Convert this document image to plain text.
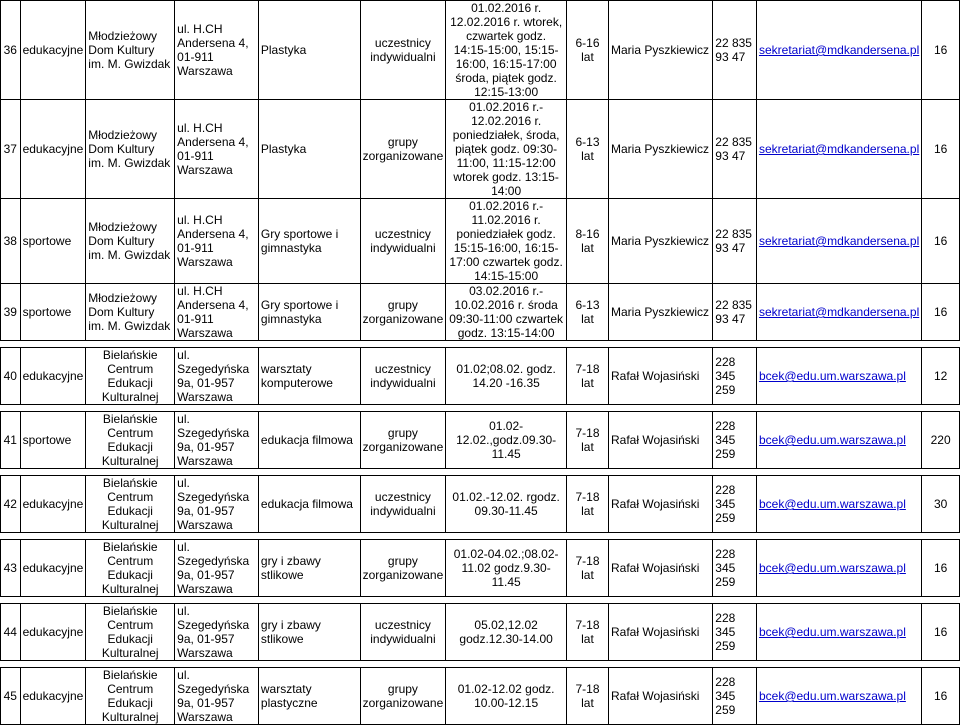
36	edukacyjne	Młodzieżowy Dom Kultury im. M. Gwizdak	ul. H.CH Andersena 4, 01-911 Warszawa	Plastyka	uczestnicy indywidualni	01.02.2016 r. 12.02.2016 r. wtorek, czwartek godz. 14:15-15:00, 15:15-16:00, 16:15-17:00 środa, piątek godz. 12:15-13:00	6-16 lat	Maria Pyszkiewicz	22 835 93 47	sekretariat@mdkandersena.pl	16
37	edukacyjne	Młodzieżowy Dom Kultury im. M. Gwizdak	ul. H.CH Andersena 4, 01-911 Warszawa	Plastyka	grupy zorganizowane	01.02.2016 r.- 12.02.2016 r. poniedziałek, środa, piątek godz. 09:30-11:00, 11:15-12:00 wtorek godz. 13:15-14:00	6-13 lat	Maria Pyszkiewicz	22 835 93 47	sekretariat@mdkandersena.pl	16
38	sportowe	Młodzieżowy Dom Kultury im. M. Gwizdak	ul. H.CH Andersena 4, 01-911 Warszawa	Gry sportowe i gimnastyka	uczestnicy indywidualni	01.02.2016 r.- 11.02.2016 r. poniedziałek godz. 15:15-16:00, 16:15-17:00 czwartek godz. 14:15-15:00	8-16 lat	Maria Pyszkiewicz	22 835 93 47	sekretariat@mdkandersena.pl	16
39	sportowe	Młodzieżowy Dom Kultury im. M. Gwizdak	ul. H.CH Andersena 4, 01-911 Warszawa	Gry sportowe i gimnastyka	grupy zorganizowane	03.02.2016 r.- 10.02.2016 r. środa 09:30-11:00 czwartek godz. 13:15-14:00	6-13 lat	Maria Pyszkiewicz	22 835 93 47	sekretariat@mdkandersena.pl	16

40	edukacyjne	Bielańskie Centrum Edukacji Kulturalnej	ul. Szegedyńska 9a, 01-957 Warszawa	warsztaty komputerowe	uczestnicy indywidualni	01.02;08.02. godz. 14.20 -16.35	7-18 lat	Rafał Wojasiński	228 345 259	bcek@edu.um.warszawa.pl	12

41	sportowe	Bielańskie Centrum Edukacji Kulturalnej	ul. Szegedyńska 9a, 01-957 Warszawa	edukacja filmowa	grupy zorganizowane	01.02-12.02.,godz.09.30-11.45	7-18 lat	Rafał Wojasiński	228 345 259	bcek@edu.um.warszawa.pl	220

42	edukacyjne	Bielańskie Centrum Edukacji Kulturalnej	ul. Szegedyńska 9a, 01-957 Warszawa	edukacja filmowa	uczestnicy indywidualni	01.02.-12.02. rgodz. 09.30-11.45	7-18 lat	Rafał Wojasiński	228 345 259	bcek@edu.um.warszawa.pl	30

43	edukacyjne	Bielańskie Centrum Edukacji Kulturalnej	ul. Szegedyńska 9a, 01-957 Warszawa	gry i zbawy stlikowe	grupy zorganizowane	01.02-04.02.;08.02-11.02 godz.9.30-11.45	7-18 lat	Rafał Wojasiński	228 345 259	bcek@edu.um.warszawa.pl	16

44	edukacyjne	Bielańskie Centrum Edukacji Kulturalnej	ul. Szegedyńska 9a, 01-957 Warszawa	gry i zbawy stlikowe	uczestnicy indywidualni	05.02,12.02 godz.12.30-14.00	7-18 lat	Rafał Wojasiński	228 345 259	bcek@edu.um.warszawa.pl	16

45	edukacyjne	Bielańskie Centrum Edukacji Kulturalnej	ul. Szegedyńska 9a, 01-957 Warszawa	warsztaty plastyczne	grupy zorganizowane	01.02-12.02 godz. 10.00-12.15	7-18 lat	Rafał Wojasiński	228 345 259	bcek@edu.um.warszawa.pl	16
